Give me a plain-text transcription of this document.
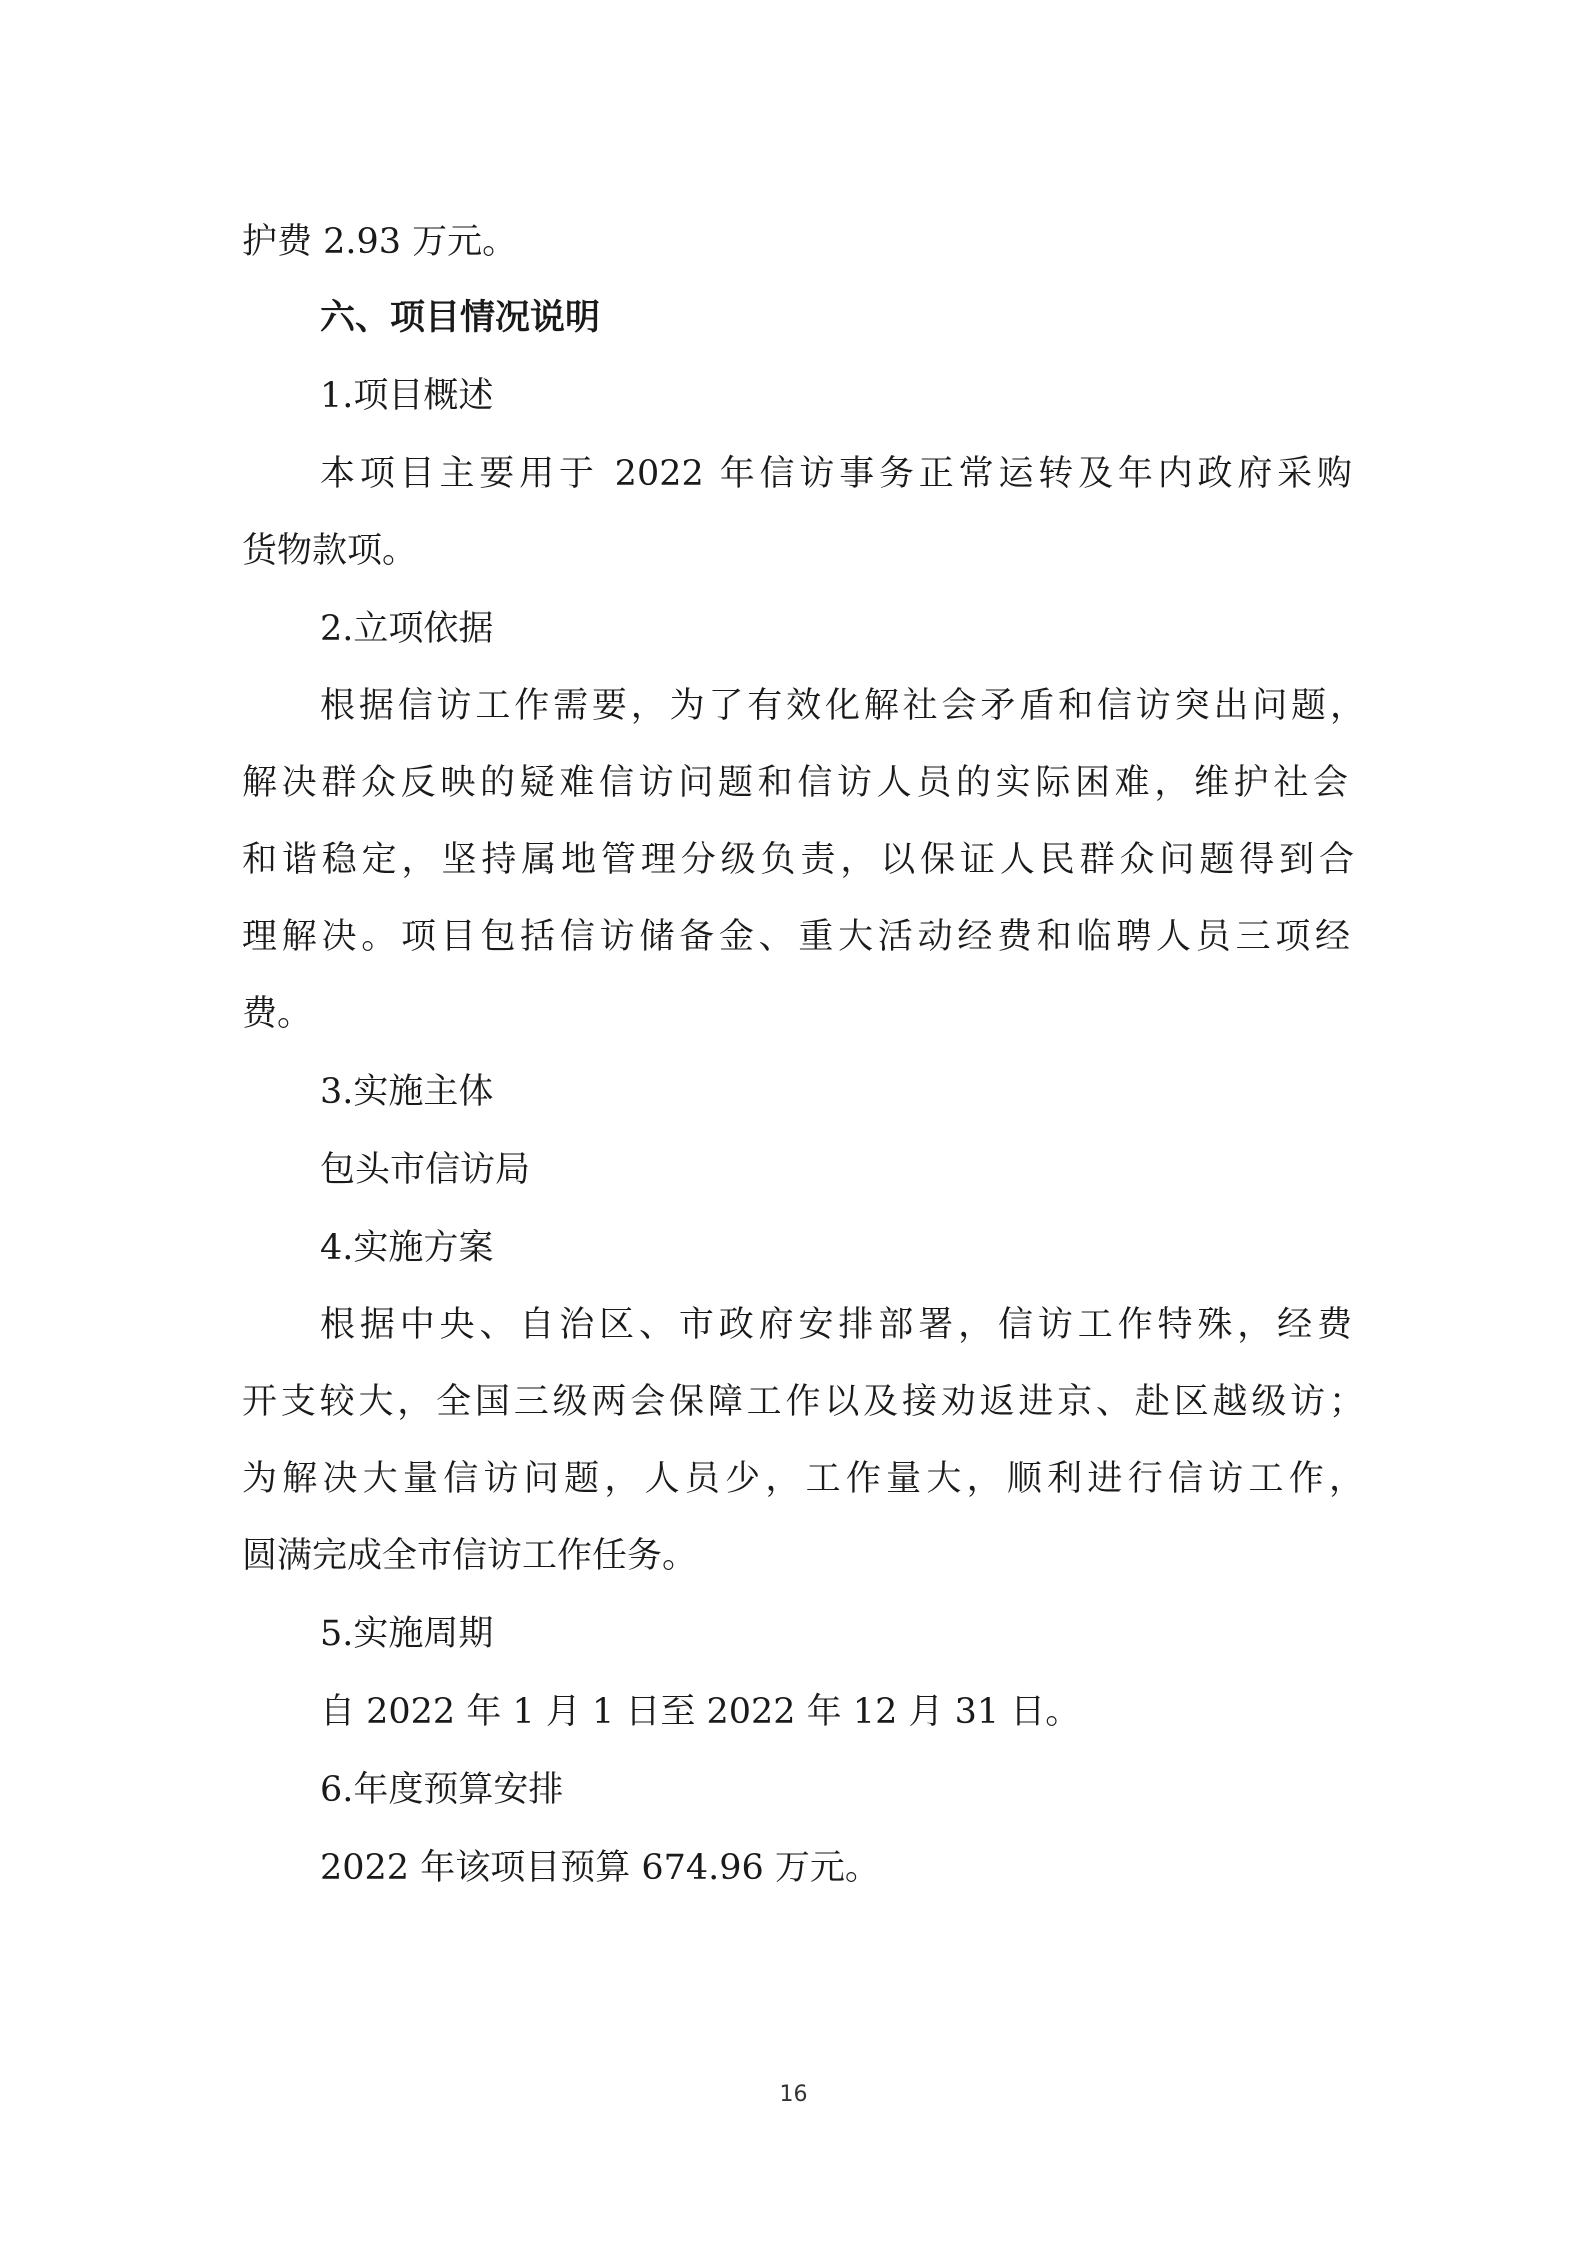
护费 2.93 万元。
六、项目情况说明
1.项目概述
本项目主要用于 2022 年信访事务正常运转及年内政府采购
货物款项。
2.立项依据
根据信访工作需要，为了有效化解社会矛盾和信访突出问题，
解决群众反映的疑难信访问题和信访人员的实际困难，维护社会
和谐稳定，坚持属地管理分级负责，以保证人民群众问题得到合
理解决。项目包括信访储备金、重大活动经费和临聘人员三项经
费。
3.实施主体
包头市信访局
4.实施方案
根据中央、自治区、市政府安排部署，信访工作特殊，经费
开支较大，全国三级两会保障工作以及接劝返进京、赴区越级访；
为解决大量信访问题，人员少，工作量大，顺利进行信访工作，
圆满完成全市信访工作任务。
5.实施周期
自 2022 年 1 月 1 日至 2022 年 12 月 31 日。
6.年度预算安排
2022 年该项目预算 674.96 万元。
16
